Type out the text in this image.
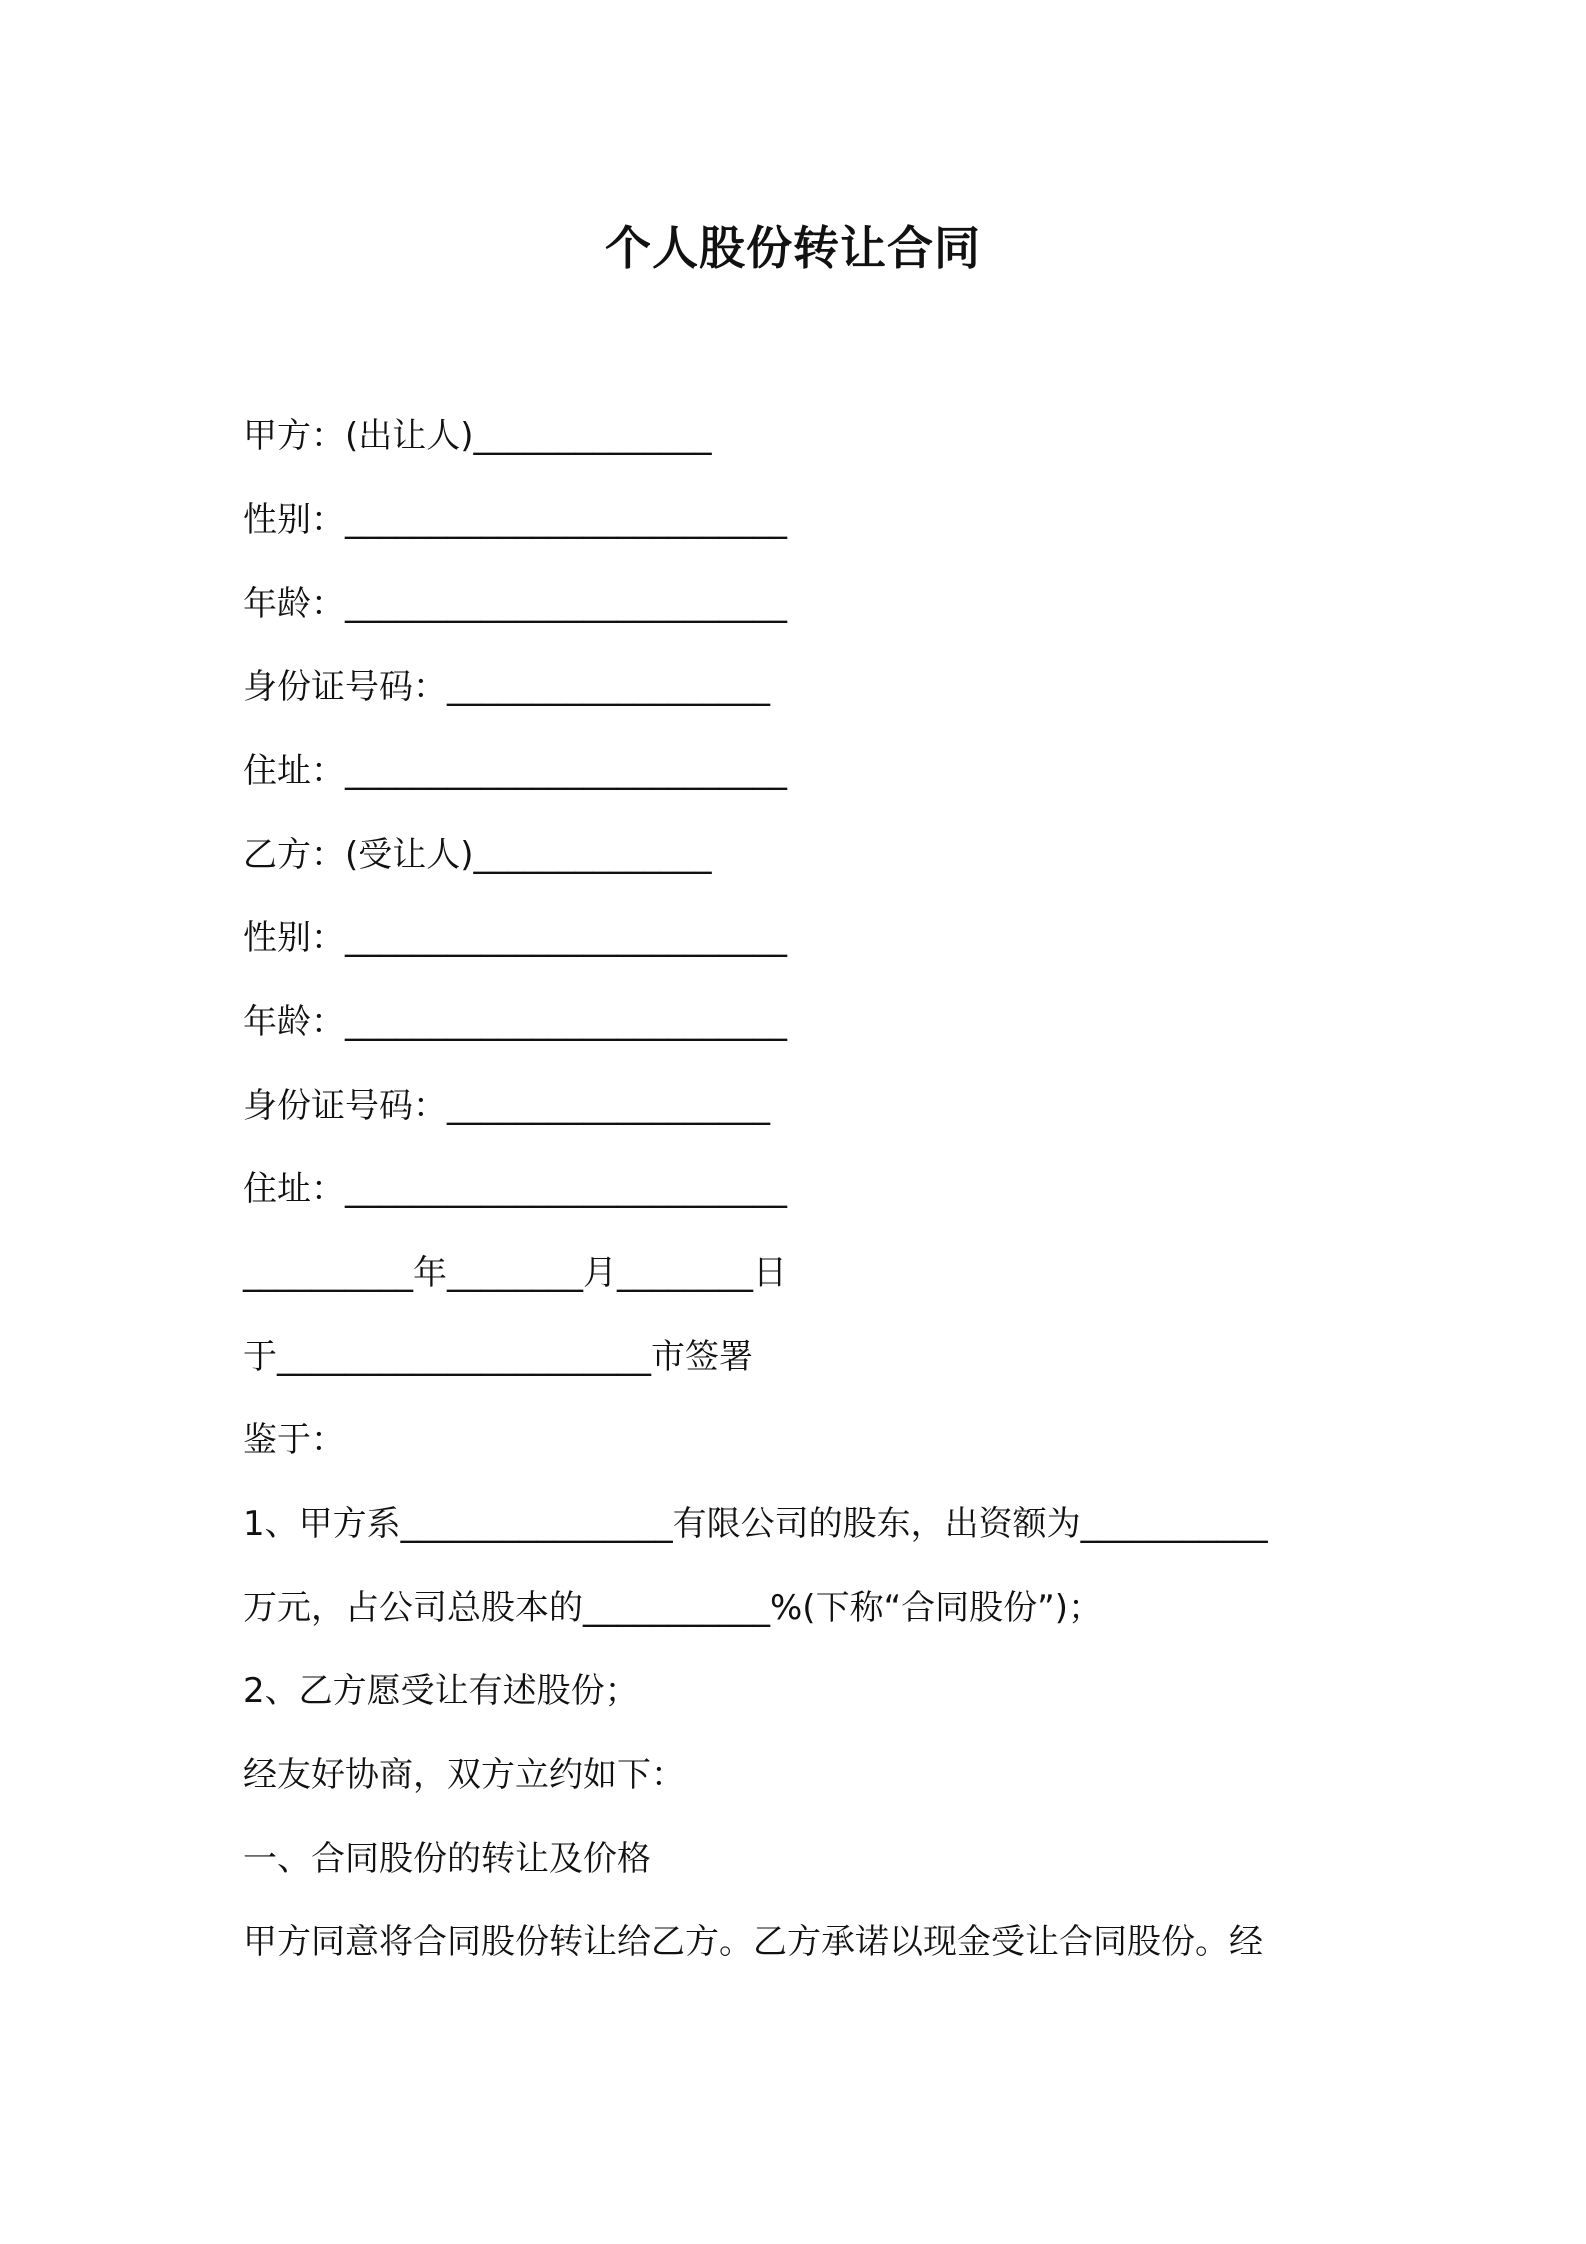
个人股份转让合同

甲方：(出让人)______________

性别：__________________________

年龄：__________________________

身份证号码：___________________

住址：__________________________

乙方：(受让人)______________

性别：__________________________

年龄：__________________________

身份证号码：___________________

住址：__________________________

__________年________月________日

于______________________市签署

鉴于：

1、甲方系________________有限公司的股东，出资额为___________

万元，占公司总股本的___________%(下称“合同股份”)；

2、乙方愿受让有述股份；

经友好协商，双方立约如下：

一、合同股份的转让及价格

甲方同意将合同股份转让给乙方。乙方承诺以现金受让合同股份。经
